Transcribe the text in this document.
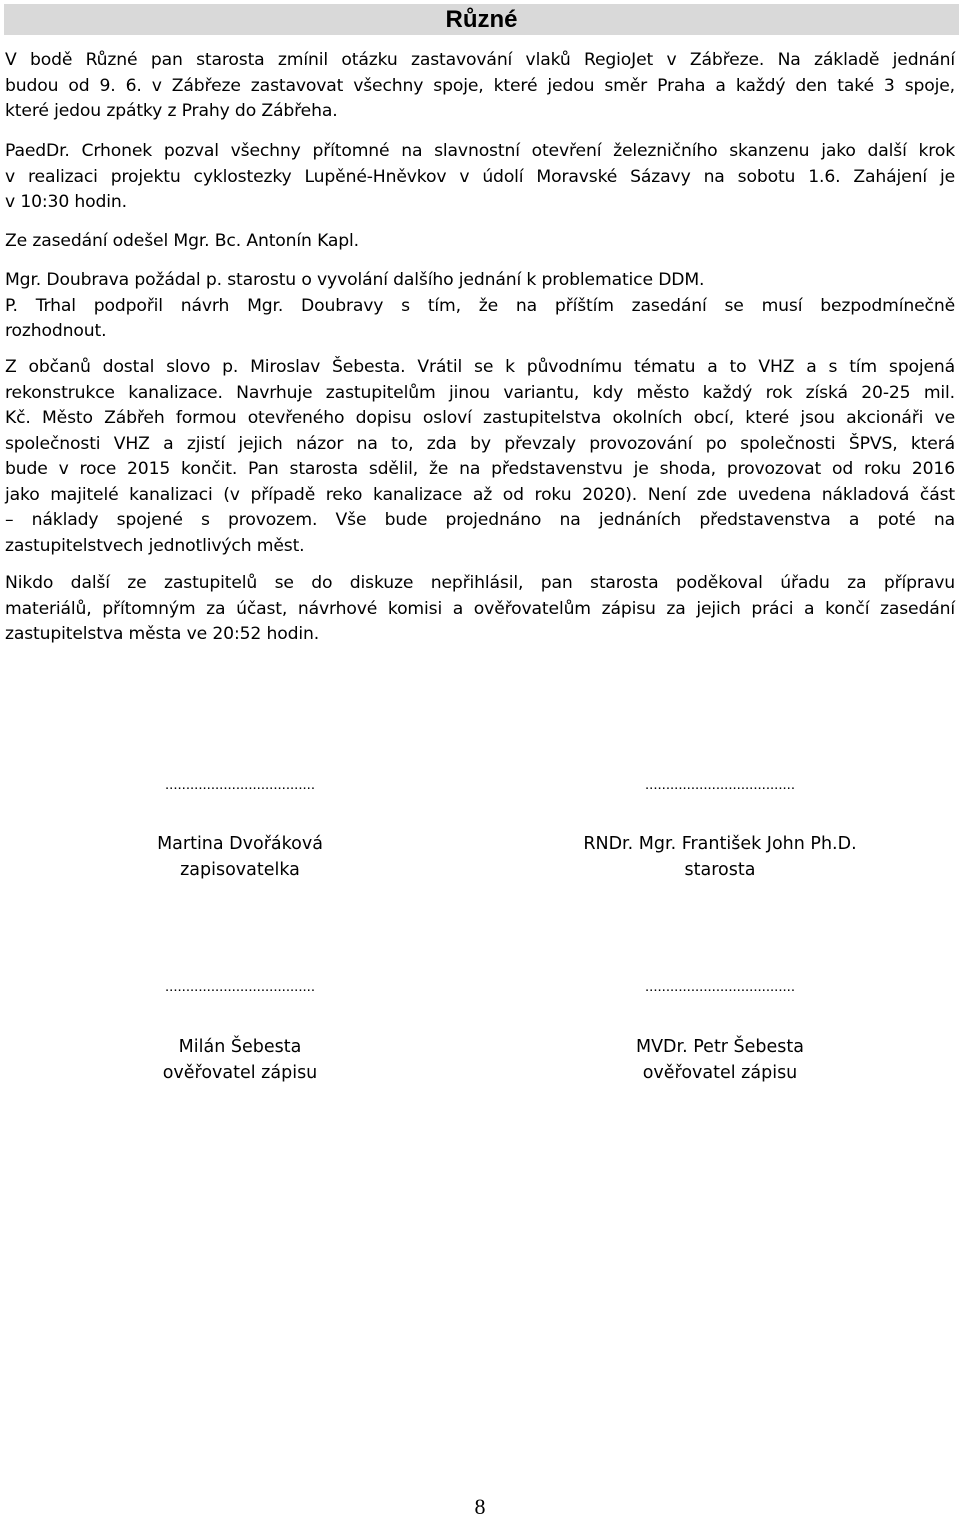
Různé

V bodě Různé pan starosta zmínil otázku zastavování vlaků RegioJet v Zábřeze. Na základě jednání
budou od 9. 6. v Zábřeze zastavovat všechny spoje, které jedou směr Praha a každý den také 3 spoje,
které jedou zpátky z Prahy do Zábřeha.

PaedDr. Crhonek pozval všechny přítomné na slavnostní otevření železničního skanzenu jako další krok
v realizaci projektu cyklostezky Lupěné-Hněvkov v údolí Moravské Sázavy na sobotu 1.6. Zahájení je
v 10:30 hodin.

Ze zasedání odešel Mgr. Bc. Antonín Kapl.

Mgr. Doubrava požádal p. starostu o vyvolání dalšího jednání k problematice DDM.
P. Trhal podpořil návrh Mgr. Doubravy s tím, že na příštím zasedání se musí bezpodmínečně
rozhodnout.

Z občanů dostal slovo p. Miroslav Šebesta. Vrátil se k původnímu tématu a to VHZ a s tím spojená
rekonstrukce kanalizace. Navrhuje zastupitelům jinou variantu, kdy město každý rok získá 20-25 mil.
Kč. Město Zábřeh formou otevřeného dopisu osloví zastupitelstva okolních obcí, které jsou akcionáři ve
společnosti VHZ a zjistí jejich názor na to, zda by převzaly provozování po společnosti ŠPVS, která
bude v roce 2015 končit. Pan starosta sdělil, že na představenstvu je shoda, provozovat od roku 2016
jako majitelé kanalizaci (v případě reko kanalizace až od roku 2020). Není zde uvedena nákladová část
– náklady spojené s provozem. Vše bude projednáno na jednáních představenstva a poté na
zastupitelstvech jednotlivých měst.

Nikdo další ze zastupitelů se do diskuze nepřihlásil, pan starosta poděkoval úřadu za přípravu
materiálů, přítomným za účast, návrhové komisi a ověřovatelům zápisu za jejich práci a končí zasedání
zastupitelstva města ve 20:52 hodin.

....................................	....................................
Martina Dvořáková
zapisovatelka
RNDr. Mgr. František John Ph.D.
starosta
....................................	....................................
Milán Šebesta
ověřovatel zápisu
MVDr. Petr Šebesta
ověřovatel zápisu
8
